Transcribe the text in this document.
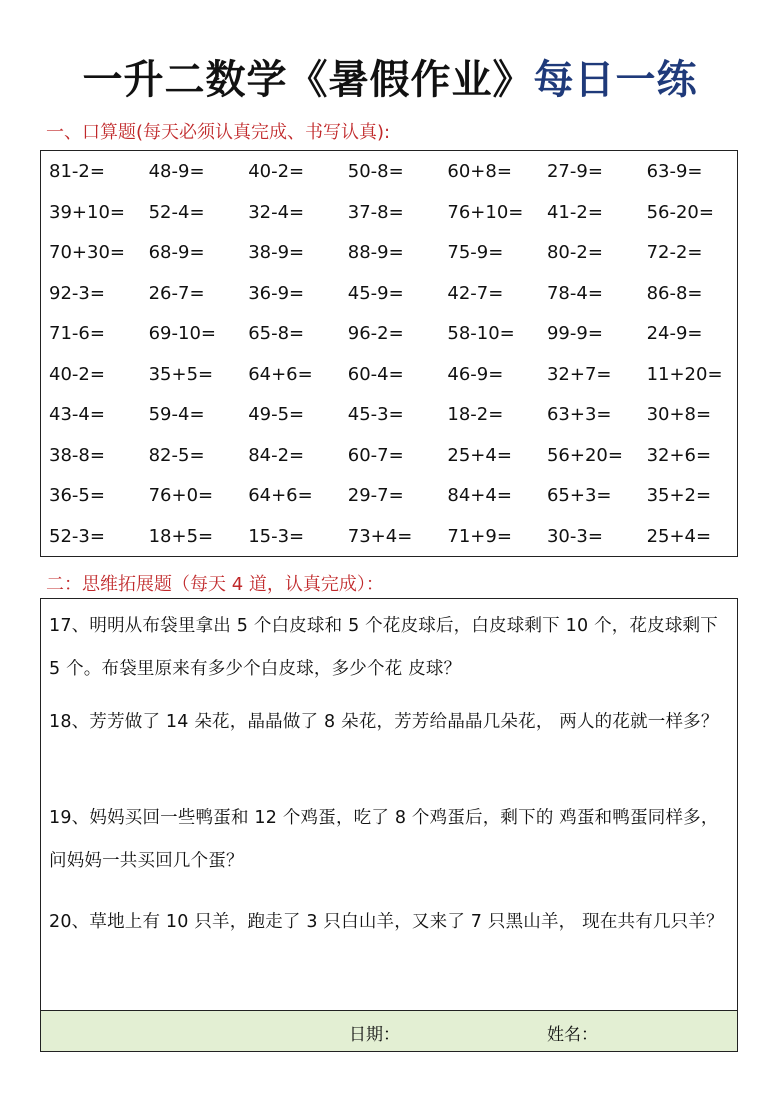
一升二数学《暑假作业》每日一练
一、口算题(每天必须认真完成、书写认真):
81-2=	48-9=	40-2=	50-8=	60+8=	27-9=	63-9=
39+10=	52-4=	32-4=	37-8=	76+10=	41-2=	56-20=
70+30=	68-9=	38-9=	88-9=	75-9=	80-2=	72-2=
92-3=	26-7=	36-9=	45-9=	42-7=	78-4=	86-8=
71-6=	69-10=	65-8=	96-2=	58-10=	99-9=	24-9=
40-2=	35+5=	64+6=	60-4=	46-9=	32+7=	11+20=
43-4=	59-4=	49-5=	45-3=	18-2=	63+3=	30+8=
38-8=	82-5=	84-2=	60-7=	25+4=	56+20=	32+6=
36-5=	76+0=	64+6=	29-7=	84+4=	65+3=	35+2=
52-3=	18+5=	15-3=	73+4=	71+9=	30-3=	25+4=
二：思维拓展题（每天 4 道，认真完成）：
17、明明从布袋里拿出 5 个白皮球和 5 个花皮球后，白皮球剩下 10 个，花皮球剩下 5 个。布袋里原来有多少个白皮球，多少个花 皮球？
18、芳芳做了 14 朵花，晶晶做了 8 朵花，芳芳给晶晶几朵花， 两人的花就一样多？
19、妈妈买回一些鸭蛋和 12 个鸡蛋，吃了 8 个鸡蛋后，剩下的 鸡蛋和鸭蛋同样多，问妈妈一共买回几个蛋？
20、草地上有 10 只羊，跑走了 3 只白山羊，又来了 7 只黑山羊， 现在共有几只羊？
日期：	姓名：
